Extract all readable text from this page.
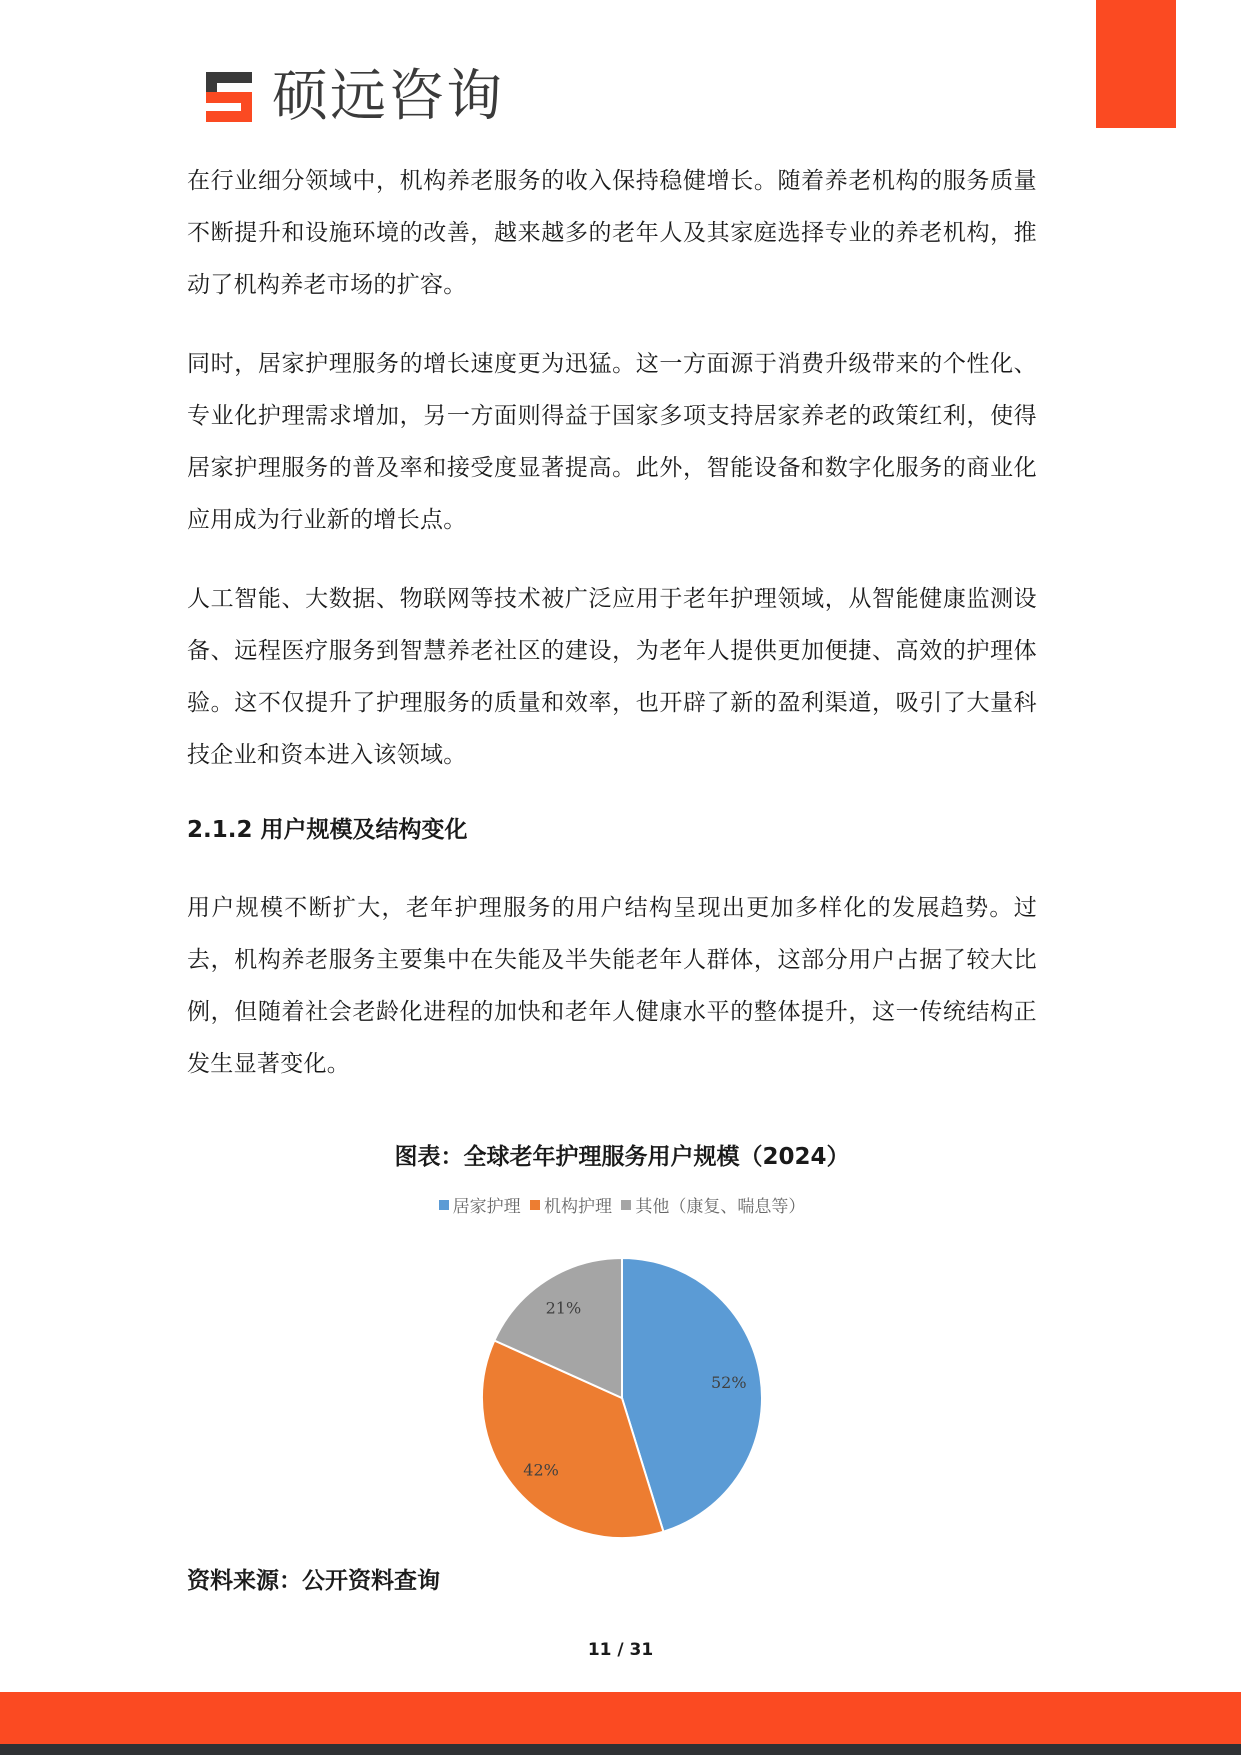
硕远咨询

在行业细分领域中，机构养老服务的收入保持稳健增长。随着养老机构的服务质量不断提升和设施环境的改善，越来越多的老年人及其家庭选择专业的养老机构，推动了机构养老市场的扩容。

同时，居家护理服务的增长速度更为迅猛。这一方面源于消费升级带来的个性化、专业化护理需求增加，另一方面则得益于国家多项支持居家养老的政策红利，使得居家护理服务的普及率和接受度显著提高。此外，智能设备和数字化服务的商业化应用成为行业新的增长点。

人工智能、大数据、物联网等技术被广泛应用于老年护理领域，从智能健康监测设备、远程医疗服务到智慧养老社区的建设，为老年人提供更加便捷、高效的护理体验。这不仅提升了护理服务的质量和效率，也开辟了新的盈利渠道，吸引了大量科技企业和资本进入该领域。

2.1.2 用户规模及结构变化

用户规模不断扩大，老年护理服务的用户结构呈现出更加多样化的发展趋势。过去，机构养老服务主要集中在失能及半失能老年人群体，这部分用户占据了较大比例，但随着社会老龄化进程的加快和老年人健康水平的整体提升，这一传统结构正发生显著变化。

图表：全球老年护理服务用户规模（2024）
居家护理
机构护理
其他（康复、喘息等）
52%
42%
21%
资料来源：公开资料查询
11 / 31
